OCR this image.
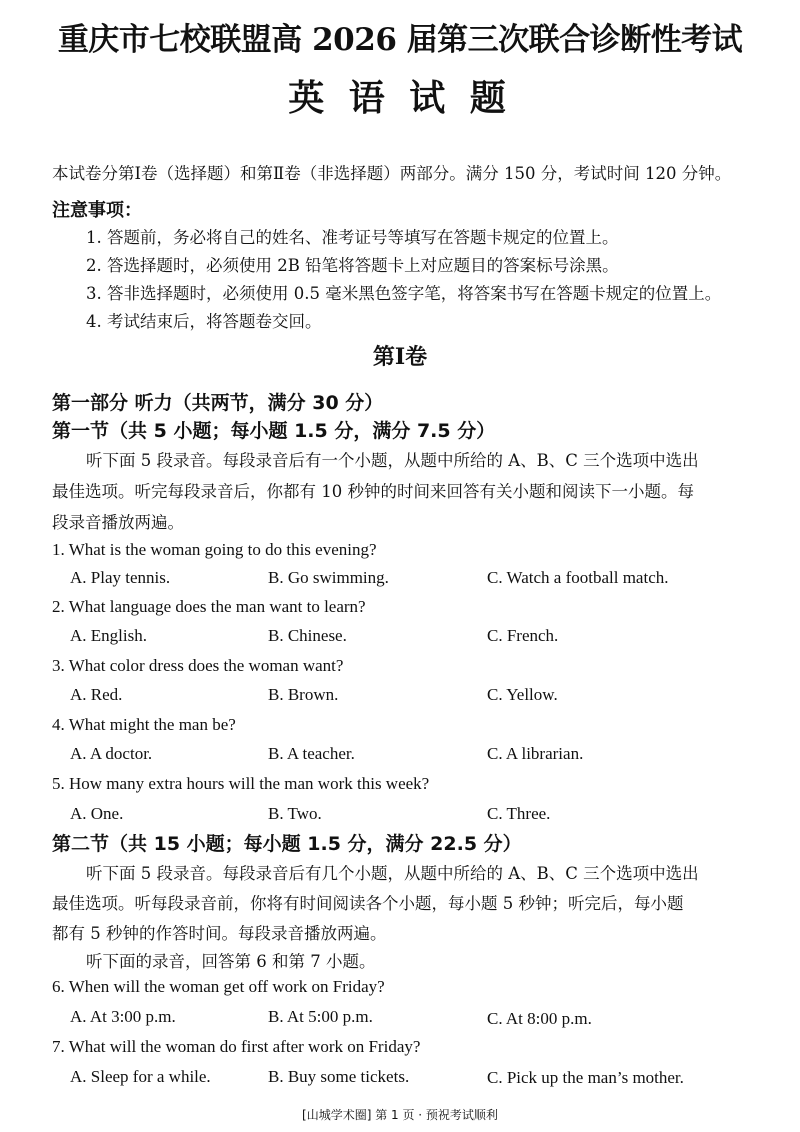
重庆市七校联盟高 2026 届第三次联合诊断性考试
英 语 试 题
本试卷分第Ⅰ卷（选择题）和第Ⅱ卷（非选择题）两部分。满分 150 分，考试时间 120 分钟。
注意事项：
1. 答题前，务必将自己的姓名、准考证号等填写在答题卡规定的位置上。
2. 答选择题时，必须使用 2B 铅笔将答题卡上对应题目的答案标号涂黑。
3. 答非选择题时，必须使用 0.5 毫米黑色签字笔，将答案书写在答题卡规定的位置上。
4. 考试结束后，将答题卷交回。
第Ⅰ卷
第一部分 听力（共两节，满分 30 分）
第一节（共 5 小题；每小题 1.5 分，满分 7.5 分）
听下面 5 段录音。每段录音后有一个小题，从题中所给的 A、B、C 三个选项中选出
最佳选项。听完每段录音后，你都有 10 秒钟的时间来回答有关小题和阅读下一小题。每
段录音播放两遍。
1. What is the woman going to do this evening?
A. Play tennis.	B. Go swimming.	C. Watch a football match.
2. What language does the man want to learn?
A. English.	B. Chinese.	C. French.
3. What color dress does the woman want?
A. Red.	B. Brown.	C. Yellow.
4. What might the man be?
A. A doctor.	B. A teacher.	C. A librarian.
5. How many extra hours will the man work this week?
A. One.	B. Two.	C. Three.
第二节（共 15 小题；每小题 1.5 分，满分 22.5 分）
听下面 5 段录音。每段录音后有几个小题，从题中所给的 A、B、C 三个选项中选出
最佳选项。听每段录音前，你将有时间阅读各个小题，每小题 5 秒钟；听完后，每小题
都有 5 秒钟的作答时间。每段录音播放两遍。
听下面的录音，回答第 6 和第 7 小题。
6. When will the woman get off work on Friday?
A. At 3:00 p.m.	B. At 5:00 p.m.	C. At 8:00 p.m.
7. What will the woman do first after work on Friday?
A. Sleep for a while.	B. Buy some tickets.	C. Pick up the man’s mother.
[山城学术圈] 第 1 页 · 预祝考试顺利
